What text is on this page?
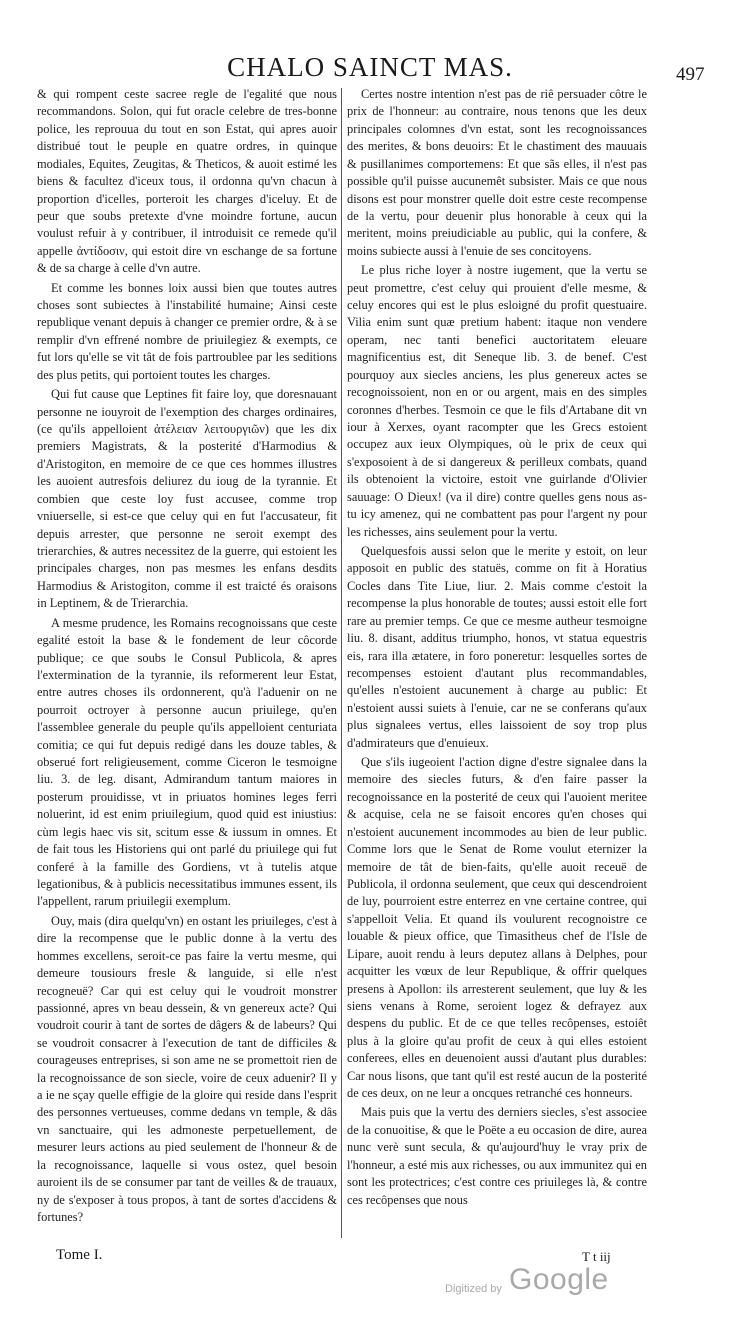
CHALO SAINCT MAS.	497

& qui rompent ceste sacree regle de l'egalité que nous recommandons. Solon, qui fut oracle celebre de tres-bonne police, les reprouua du tout en son Estat, qui apres auoir distribué tout le peuple en quatre ordres, in quinque modiales, Equites, Zeugitas, & Theticos, & auoit estimé les biens & facultez d'iceux tous, il ordonna qu'vn chacun à proportion d'icelles, porteroit les charges d'iceluy. Et de peur que soubs pretexte d'vne moindre fortune, aucun voulust refuir à y contribuer, il introduisit ce remede qu'il appelle ἀντίδοσιν, qui estoit dire vn eschange de sa fortune & de sa charge à celle d'vn autre.

Et comme les bonnes loix aussi bien que toutes autres choses sont subiectes à l'instabilité humaine; Ainsi ceste republique venant depuis à changer ce premier ordre, & à se remplir d'vn effrené nombre de priuilegiez & exempts, ce fut lors qu'elle se vit tât de fois partroublee par les seditions des plus petits, qui portoient toutes les charges.

Qui fut cause que Leptines fit faire loy, que doresnauant personne ne iouyroit de l'exemption des charges ordinaires, (ce qu'ils appelloient ἀτέλειαν λειτουργιῶν) que les dix premiers Magistrats, & la posterité d'Harmodius & d'Aristogiton, en memoire de ce que ces hommes illustres les auoient autresfois deliurez du ioug de la tyrannie. Et combien que ceste loy fust accusee, comme trop vniuerselle, si est-ce que celuy qui en fut l'accusateur, fit depuis arrester, que personne ne seroit exempt des trierarchies, & autres necessitez de la guerre, qui estoient les principales charges, non pas mesmes les enfans desdits Harmodius & Aristogiton, comme il est traicté és oraisons in Leptinem, & de Trierarchia.

A mesme prudence, les Romains recognoissans que ceste egalité estoit la base & le fondement de leur côcorde publique; ce que soubs le Consul Publicola, & apres l'extermination de la tyrannie, ils reformerent leur Estat, entre autres choses ils ordonnerent, qu'à l'aduenir on ne pourroit octroyer à personne aucun priuilege, qu'en l'assemblee generale du peuple qu'ils appelloient centuriata comitia; ce qui fut depuis redigé dans les douze tables, & obserué fort religieusement, comme Ciceron le tesmoigne liu. 3. de leg. disant, Admirandum tantum maiores in posterum prouidisse, vt in priuatos homines leges ferri noluerint, id est enim priuilegium, quod quid est iniustius: cùm legis haec vis sit, scitum esse & iussum in omnes. Et de fait tous les Historiens qui ont parlé du priuilege qui fut conferé à la famille des Gordiens, vt à tutelis atque legationibus, & à publicis necessitatibus immunes essent, ils l'appellent, rarum priuilegii exemplum.

Ouy, mais (dira quelqu'vn) en ostant les priuileges, c'est à dire la recompense que le public donne à la vertu des hommes excellens, seroit-ce pas faire la vertu mesme, qui demeure tousiours fresle & languide, si elle n'est recogneuë? Car qui est celuy qui le voudroit monstrer passionné, apres vn beau dessein, & vn genereux acte? Qui voudroit courir à tant de sortes de dâgers & de labeurs? Qui se voudroit consacrer à l'execution de tant de difficiles & courageuses entreprises, si son ame ne se promettoit rien de la recognoissance de son siecle, voire de ceux aduenir? Il y a ie ne sçay quelle effigie de la gloire qui reside dans l'esprit des personnes vertueuses, comme dedans vn temple, & dâs vn sanctuaire, qui les admoneste perpetuellement, de mesurer leurs actions au pied seulement de l'honneur & de la recognoissance, laquelle si vous ostez, quel besoin auroient ils de se consumer par tant de veilles & de trauaux, ny de s'exposer à tous propos, à tant de sortes d'accidens & fortunes?

Certes nostre intention n'est pas de riê persuader côtre le prix de l'honneur: au contraire, nous tenons que les deux principales colomnes d'vn estat, sont les recognoissances des merites, & bons deuoirs: Et le chastiment des mauuais & pusillanimes comportemens: Et que sãs elles, il n'est pas possible qu'il puisse aucunemêt subsister. Mais ce que nous disons est pour monstrer quelle doit estre ceste recompense de la vertu, pour deuenir plus honorable à ceux qui la meritent, moins preiudiciable au public, qui la confere, & moins subiecte aussi à l'enuie de ses concitoyens.

Le plus riche loyer à nostre iugement, que la vertu se peut promettre, c'est celuy qui prouient d'elle mesme, & celuy encores qui est le plus esloigné du profit questuaire. Vilia enim sunt quæ pretium habent: itaque non vendere operam, nec tanti benefici auctoritatem eleuare magnificentius est, dit Seneque lib. 3. de benef. C'est pourquoy aux siecles anciens, les plus genereux actes se recognoissoient, non en or ou argent, mais en des simples coronnes d'herbes. Tesmoin ce que le fils d'Artabane dit vn iour à Xerxes, oyant racompter que les Grecs estoient occupez aux ieux Olympiques, où le prix de ceux qui s'exposoient à de si dangereux & perilleux combats, quand ils obtenoient la victoire, estoit vne guirlande d'Olivier sauuage: O Dieux! (va il dire) contre quelles gens nous as-tu icy amenez, qui ne combattent pas pour l'argent ny pour les richesses, ains seulement pour la vertu.

Quelquesfois aussi selon que le merite y estoit, on leur apposoit en public des statuës, comme on fit à Horatius Cocles dans Tite Liue, liur. 2. Mais comme c'estoit la recompense la plus honorable de toutes; aussi estoit elle fort rare au premier temps. Ce que ce mesme autheur tesmoigne liu. 8. disant, additus triumpho, honos, vt statua equestris eis, rara illa ætatere, in foro poneretur: lesquelles sortes de recompenses estoient d'autant plus recommandables, qu'elles n'estoient aucunement à charge au public: Et n'estoient aussi suiets à l'enuie, car ne se conferans qu'aux plus signalees vertus, elles laissoient de soy trop plus d'admirateurs que d'enuieux.

Que s'ils iugeoient l'action digne d'estre signalee dans la memoire des siecles futurs, & d'en faire passer la recognoissance en la posterité de ceux qui l'auoient meritee & acquise, cela ne se faisoit encores qu'en choses qui n'estoient aucunement incommodes au bien de leur public. Comme lors que le Senat de Rome voulut eternizer la memoire de tât de bien-faits, qu'elle auoit receuë de Publicola, il ordonna seulement, que ceux qui descendroient de luy, pourroient estre enterrez en vne certaine contree, qui s'appelloit Velia. Et quand ils voulurent recognoistre ce louable & pieux office, que Timasitheus chef de l'Isle de Lipare, auoit rendu à leurs deputez allans à Delphes, pour acquitter les vœux de leur Republique, & offrir quelques presens à Apollon: ils arresterent seulement, que luy & les siens venans à Rome, seroient logez & defrayez aux despens du public. Et de ce que telles recôpenses, estoiêt plus à la gloire qu'au profit de ceux à qui elles estoient conferees, elles en deuenoient aussi d'autant plus durables: Car nous lisons, que tant qu'il est resté aucun de la posterité de ces deux, on ne leur a oncques retranché ces honneurs.

Mais puis que la vertu des derniers siecles, s'est associee de la conuoitise, & que le Poëte a eu occasion de dire, aurea nunc verè sunt secula, & qu'aujourd'huy le vray prix de l'honneur, a esté mis aux richesses, ou aux immunitez qui en sont les protectrices; c'est contre ces priuileges là, & contre ces recôpenses que nous

Tome I.	T t iij
Digitized by Google
